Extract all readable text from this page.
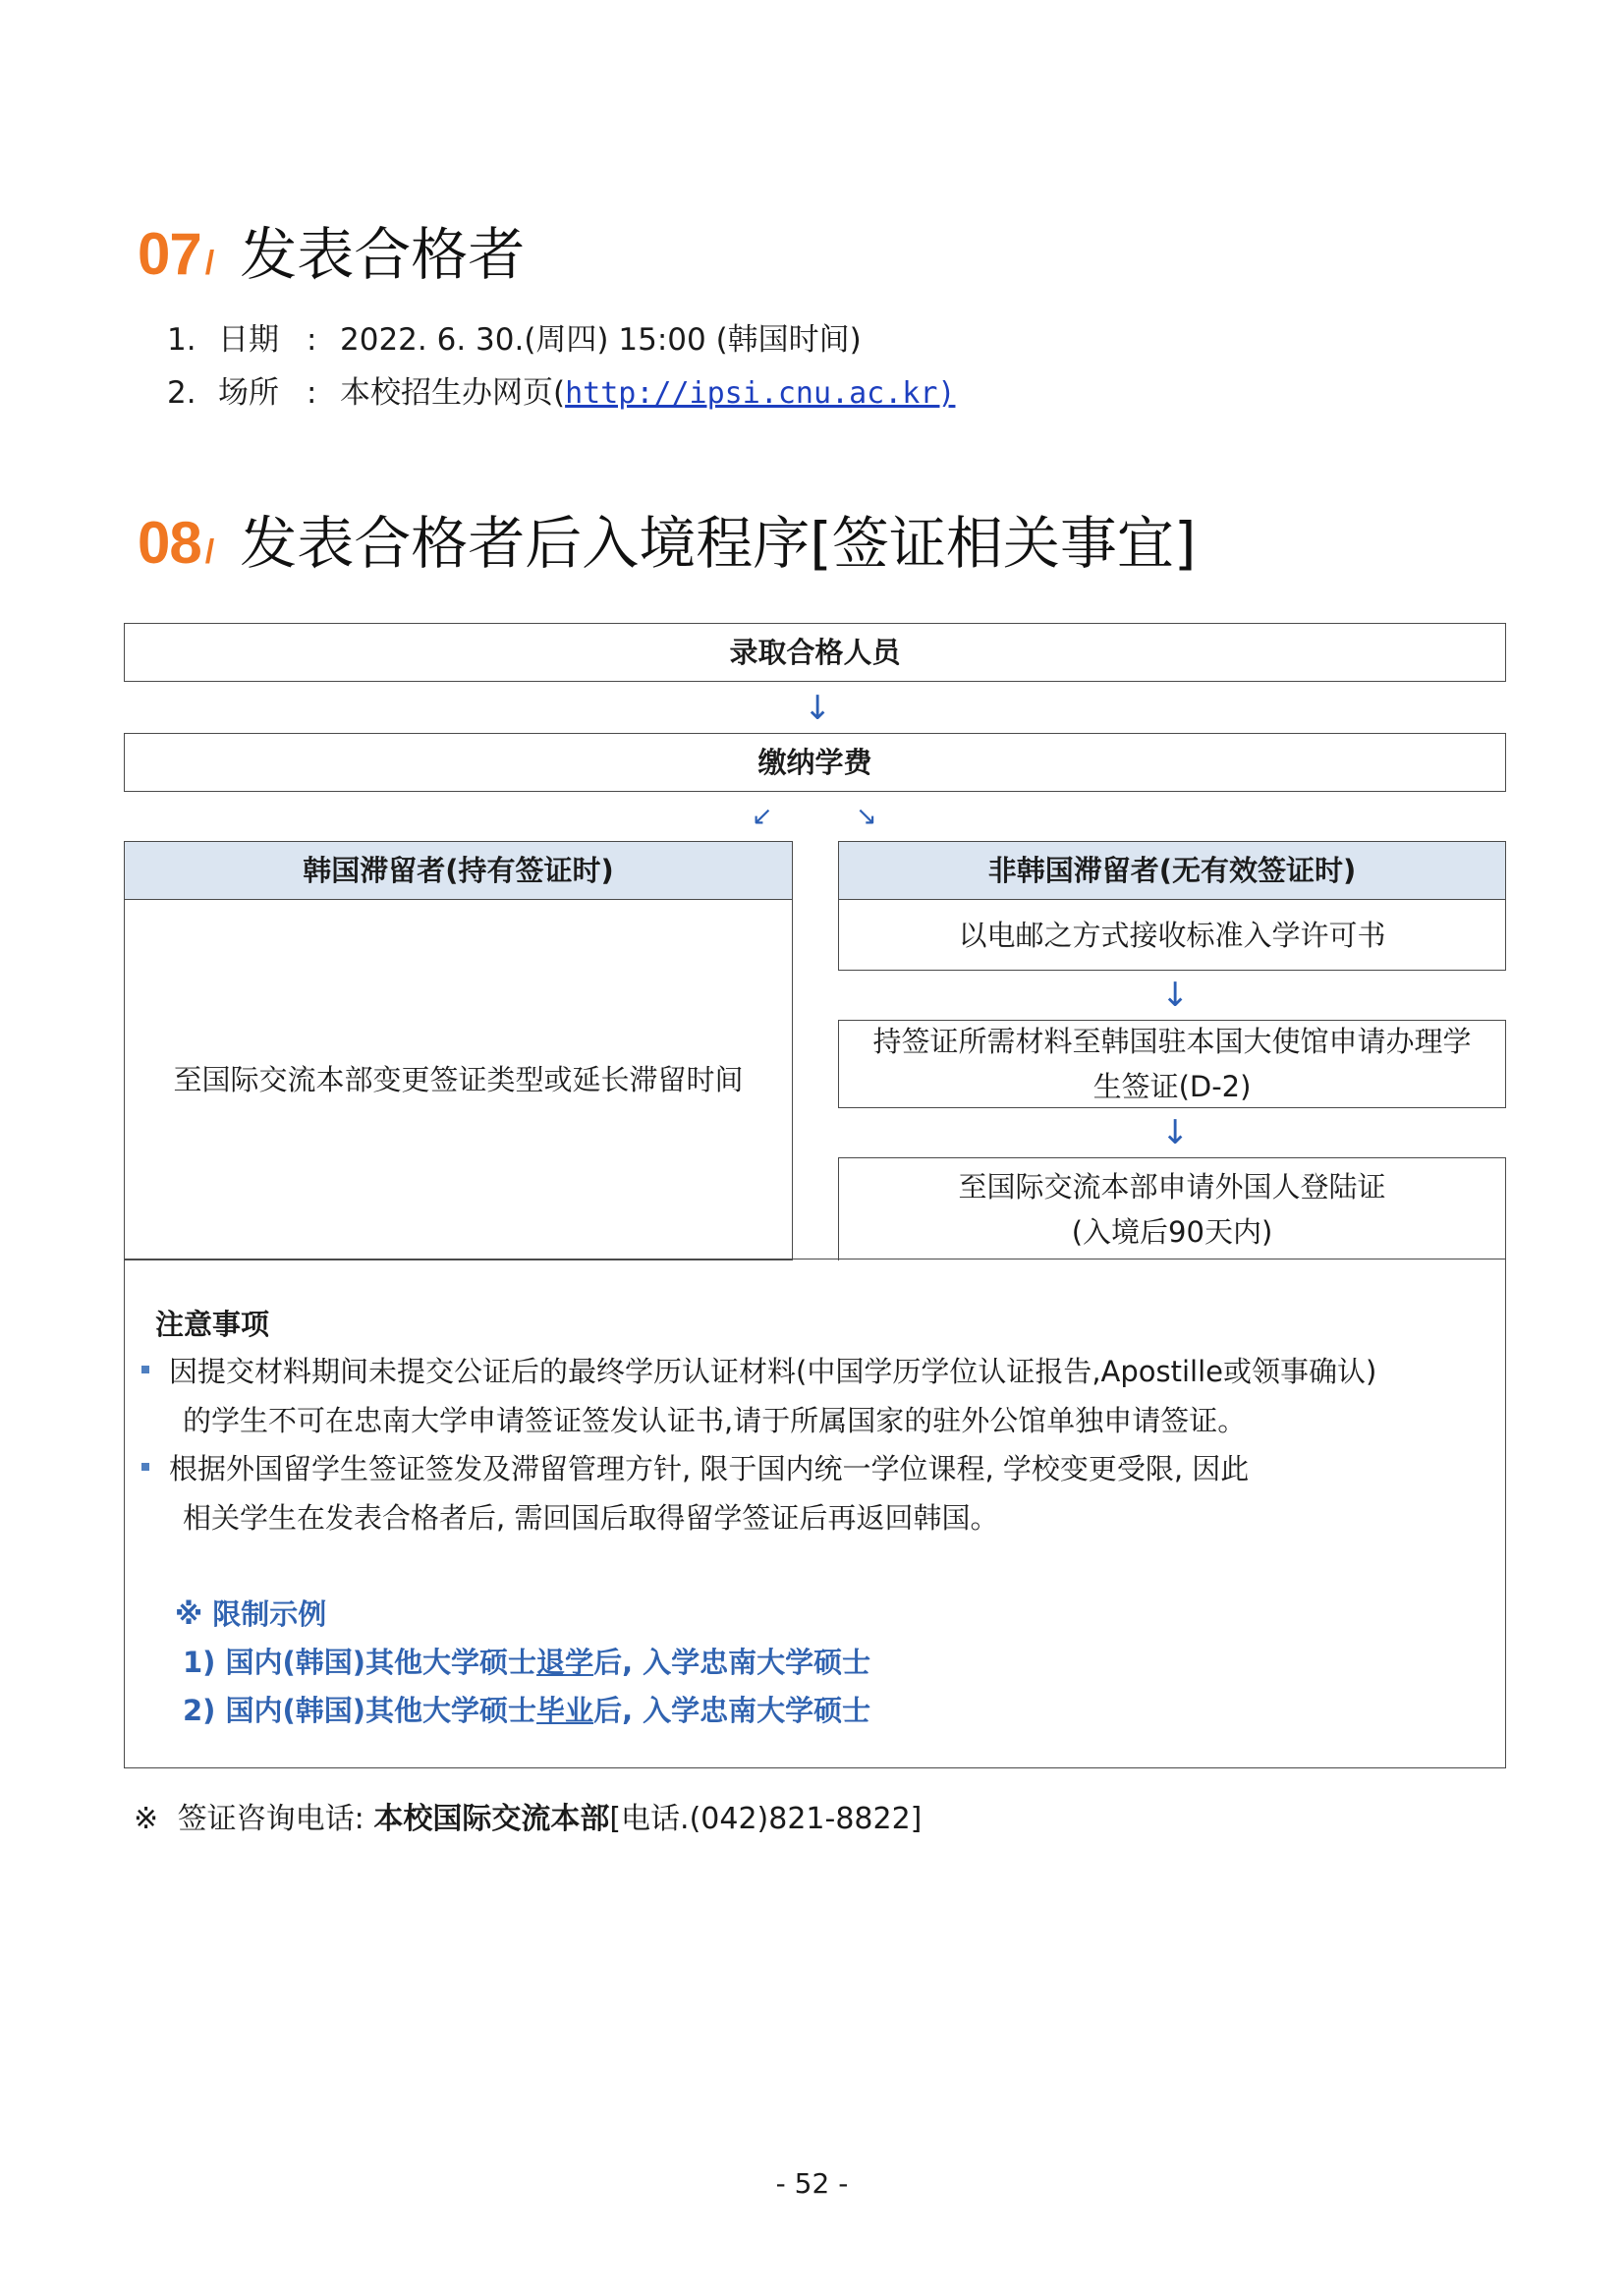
07 / 发表合格者
1. 日期 : 2022. 6. 30.(周四) 15:00 (韩国时间)
2. 场所 : 本校招生办网页( http://ipsi.cnu.ac.kr)
08 / 发表合格者后入境程序[签证相关事宜]
录取合格人员
↓
缴纳学费
↙	↘
韩国滞留者(持有签证时)
至国际交流本部变更签证类型或延长滞留时间
非韩国滞留者(无有效签证时)
以电邮之方式接收标准入学许可书
↓
持签证所需材料至韩国驻本国大使馆申请办理学
生签证(D-2)
↓
至国际交流本部申请外国人登陆证
(入境后90天内)
注意事项
因提交材料期间未提交公证后的最终学历认证材料(中国学历学位认证报告,Apostille或领事确认)
的学生不可在忠南大学申请签证签发认证书,请于所属国家的驻外公馆单独申请签证。
根据外国留学生签证签发及滞留管理方针, 限于国内统一学位课程, 学校变更受限, 因此
相关学生在发表合格者后, 需回国后取得留学签证后再返回韩国。
※ 限制示例
1) 国内(韩国)其他大学硕士退学后, 入学忠南大学硕士
2) 国内(韩国)其他大学硕士毕业后, 入学忠南大学硕士
※ 签证咨询电话: 本校国际交流本部[电话.(042)821-8822]
- 52 -
